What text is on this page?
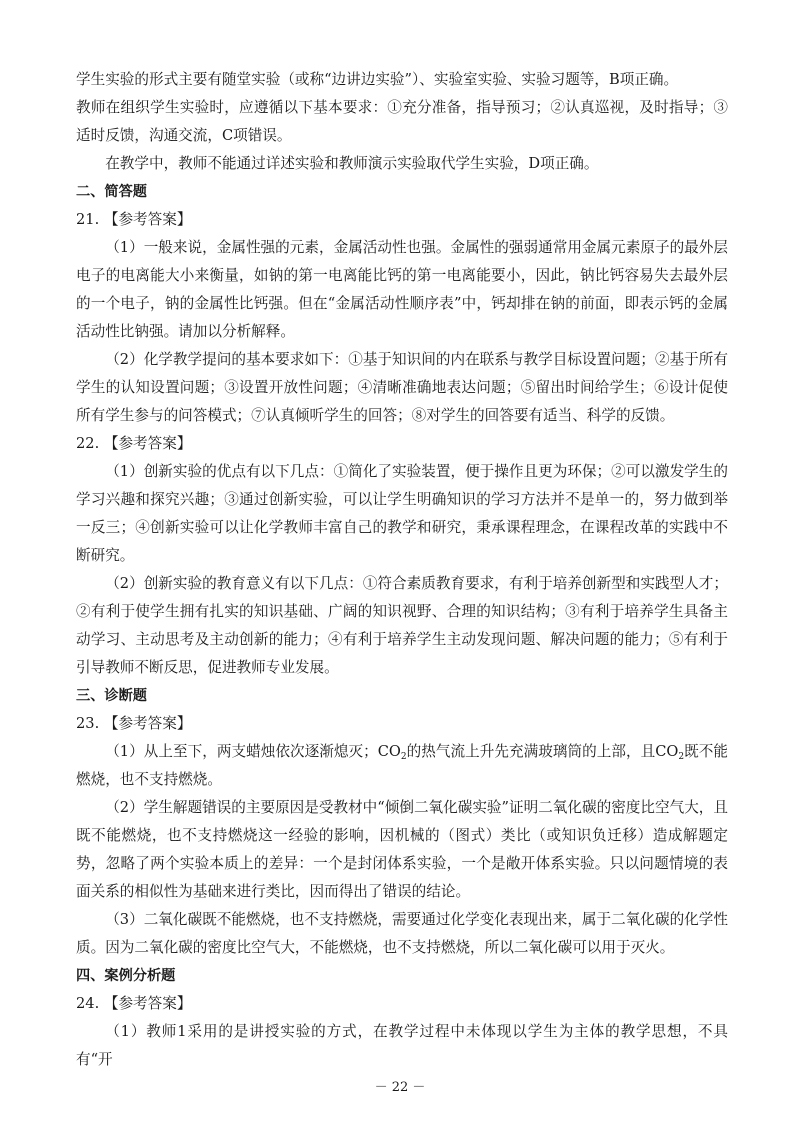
学生实验的形式主要有随堂实验（或称“边讲边实验”）、实验室实验、实验习题等，B项正确。

教师在组织学生实验时，应遵循以下基本要求：①充分准备，指导预习；②认真巡视，及时指导；③适时反馈，沟通交流，C项错误。

在教学中，教师不能通过详述实验和教师演示实验取代学生实验，D项正确。

二、简答题

21. 【参考答案】

（1）一般来说，金属性强的元素，金属活动性也强。金属性的强弱通常用金属元素原子的最外层电子的电离能大小来衡量，如钠的第一电离能比钙的第一电离能要小，因此，钠比钙容易失去最外层的一个电子，钠的金属性比钙强。但在“金属活动性顺序表”中，钙却排在钠的前面，即表示钙的金属活动性比钠强。请加以分析解释。

（2）化学教学提问的基本要求如下：①基于知识间的内在联系与教学目标设置问题；②基于所有学生的认知设置问题；③设置开放性问题；④清晰准确地表达问题；⑤留出时间给学生；⑥设计促使所有学生参与的问答模式；⑦认真倾听学生的回答；⑧对学生的回答要有适当、科学的反馈。

22. 【参考答案】

（1）创新实验的优点有以下几点：①简化了实验装置，便于操作且更为环保；②可以激发学生的学习兴趣和探究兴趣；③通过创新实验，可以让学生明确知识的学习方法并不是单一的，努力做到举一反三；④创新实验可以让化学教师丰富自己的教学和研究，秉承课程理念，在课程改革的实践中不断研究。

（2）创新实验的教育意义有以下几点：①符合素质教育要求，有利于培养创新型和实践型人才；②有利于使学生拥有扎实的知识基础、广阔的知识视野、合理的知识结构；③有利于培养学生具备主动学习、主动思考及主动创新的能力；④有利于培养学生主动发现问题、解决问题的能力；⑤有利于引导教师不断反思，促进教师专业发展。

三、诊断题

23. 【参考答案】

（1）从上至下，两支蜡烛依次逐渐熄灭；$CO_2$的热气流上升先充满玻璃筒的上部，且$CO_2$既不能燃烧，也不支持燃烧。

（2）学生解题错误的主要原因是受教材中“倾倒二氧化碳实验”证明二氧化碳的密度比空气大，且既不能燃烧，也不支持燃烧这一经验的影响，因机械的（图式）类比（或知识负迁移）造成解题定势，忽略了两个实验本质上的差异：一个是封闭体系实验，一个是敞开体系实验。只以问题情境的表面关系的相似性为基础来进行类比，因而得出了错误的结论。

（3）二氧化碳既不能燃烧，也不支持燃烧，需要通过化学变化表现出来，属于二氧化碳的化学性质。因为二氧化碳的密度比空气大，不能燃烧，也不支持燃烧，所以二氧化碳可以用于灭火。

四、案例分析题

24. 【参考答案】

（1）教师1采用的是讲授实验的方式，在教学过程中未体现以学生为主体的教学思想，不具有“开

－ 22 －
